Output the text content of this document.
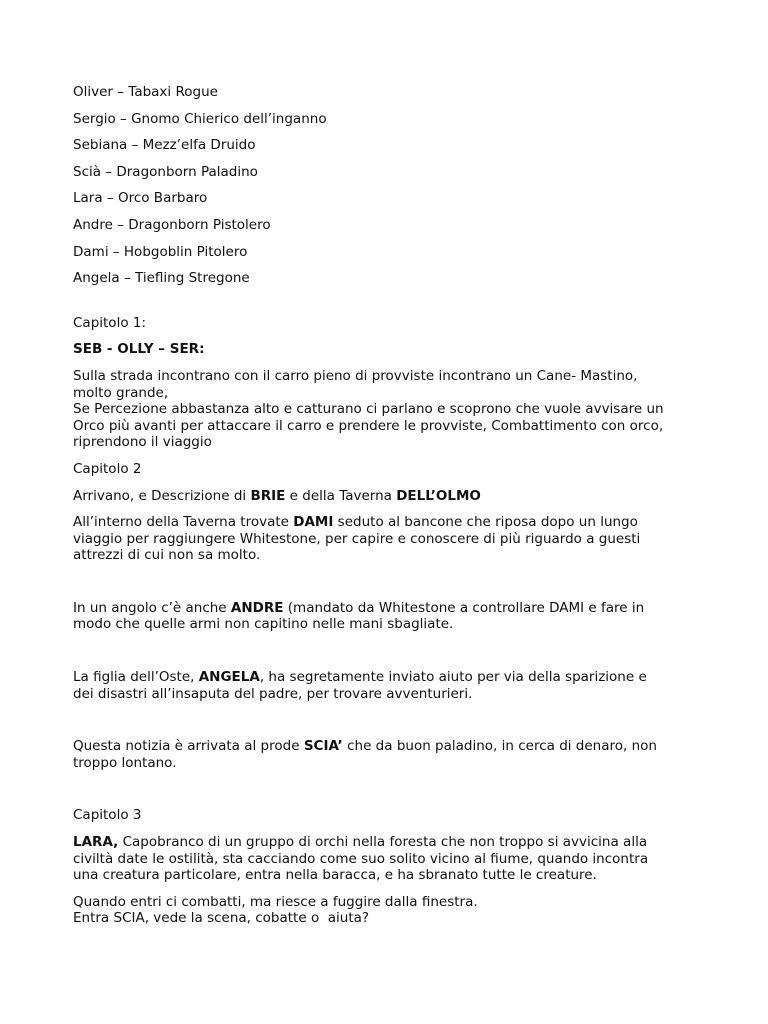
Oliver – Tabaxi Rogue

Sergio – Gnomo Chierico dell’inganno

Sebiana – Mezz’elfa Druido

Scià – Dragonborn Paladino

Lara – Orco Barbaro

Andre – Dragonborn Pistolero

Dami – Hobgoblin Pitolero

Angela – Tiefling Stregone

Capitolo 1:

SEB - OLLY – SER:

Sulla strada incontrano con il carro pieno di provviste incontrano un Cane- Mastino,

molto grande,

Se Percezione abbastanza alto e catturano ci parlano e scoprono che vuole avvisare un

Orco più avanti per attaccare il carro e prendere le provviste, Combattimento con orco,

riprendono il viaggio

Capitolo 2

Arrivano, e Descrizione di BRIE e della Taverna DELL’OLMO

All’interno della Taverna trovate DAMI seduto al bancone che riposa dopo un lungo

viaggio per raggiungere Whitestone, per capire e conoscere di più riguardo a guesti

attrezzi di cui non sa molto.

In un angolo c’è anche ANDRE (mandato da Whitestone a controllare DAMI e fare in

modo che quelle armi non capitino nelle mani sbagliate.

La figlia dell’Oste, ANGELA, ha segretamente inviato aiuto per via della sparizione e

dei disastri all’insaputa del padre, per trovare avventurieri.

Questa notizia è arrivata al prode SCIA’ che da buon paladino, in cerca di denaro, non

troppo lontano.

Capitolo 3

LARA, Capobranco di un gruppo di orchi nella foresta che non troppo si avvicina alla

civiltà date le ostilità, sta cacciando come suo solito vicino al fiume, quando incontra

una creatura particolare, entra nella baracca, e ha sbranato tutte le creature.

Quando entri ci combatti, ma riesce a fuggire dalla finestra.

Entra SCIA, vede la scena, cobatte o  aiuta?
